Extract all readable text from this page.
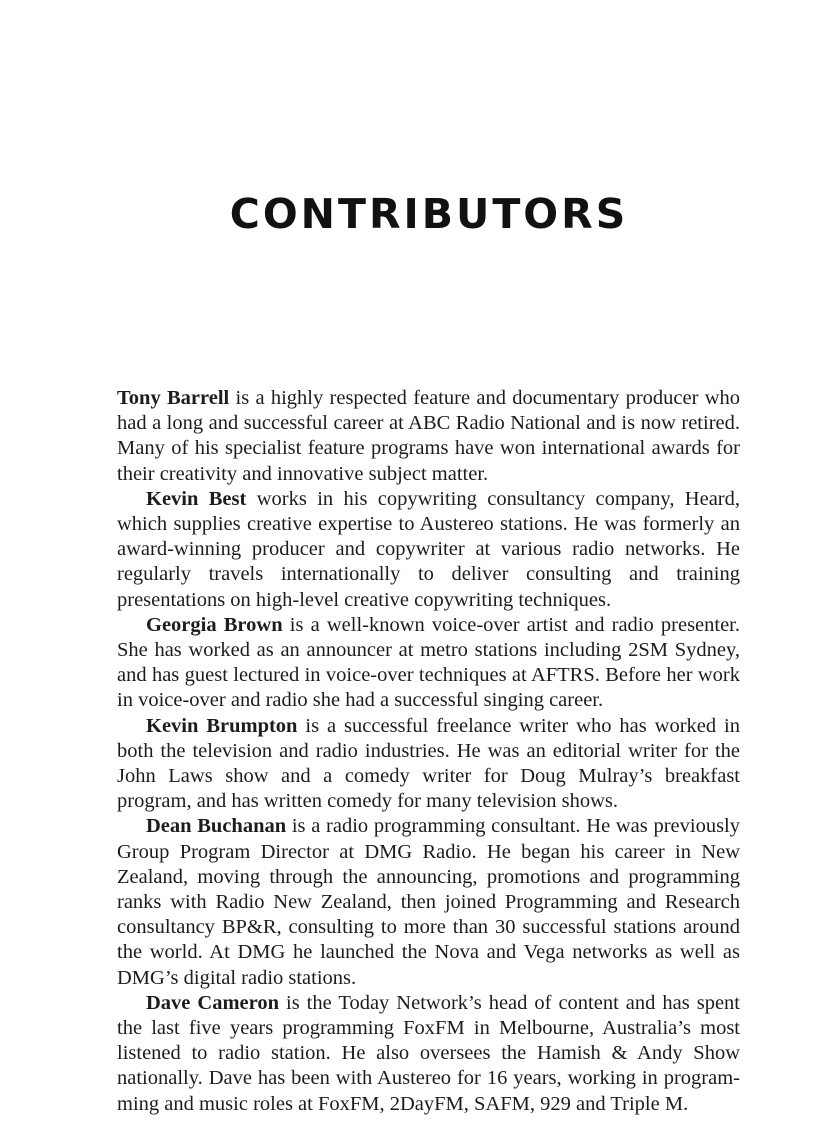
CONTRIBUTORS

Tony Barrell is a highly respected feature and documentary producer who had a long and successful career at ABC Radio National and is now retired. Many of his specialist feature programs have won international awards for their creativity and innovative subject matter.

Kevin Best works in his copywriting consultancy company, Heard, which supplies creative expertise to Austereo stations. He was formerly an award-winning producer and copywriter at various radio networks. He regularly travels internationally to deliver consulting and training presentations on high-level creative copywriting techniques.

Georgia Brown is a well-known voice-over artist and radio presenter. She has worked as an announcer at metro stations including 2SM Sydney, and has guest lectured in voice-over techniques at AFTRS. Before her work in voice-over and radio she had a successful singing career.

Kevin Brumpton is a successful freelance writer who has worked in both the television and radio industries. He was an editorial writer for the John Laws show and a comedy writer for Doug Mulray’s breakfast program, and has written comedy for many television shows.

Dean Buchanan is a radio programming consultant. He was previously Group Program Director at DMG Radio. He began his career in New Zealand, moving through the announcing, promotions and programming ranks with Radio New Zealand, then joined Programming and Research consultancy BP&R, consulting to more than 30 successful stations around the world. At DMG he launched the Nova and Vega networks as well as DMG’s digital radio stations.

Dave Cameron is the Today Network’s head of content and has spent the last five years programming FoxFM in Melbourne, Australia’s most listened to radio station. He also oversees the Hamish & Andy Show nationally. Dave has been with Austereo for 16 years, working in programming and music roles at FoxFM, 2DayFM, SAFM, 929 and Triple M.
